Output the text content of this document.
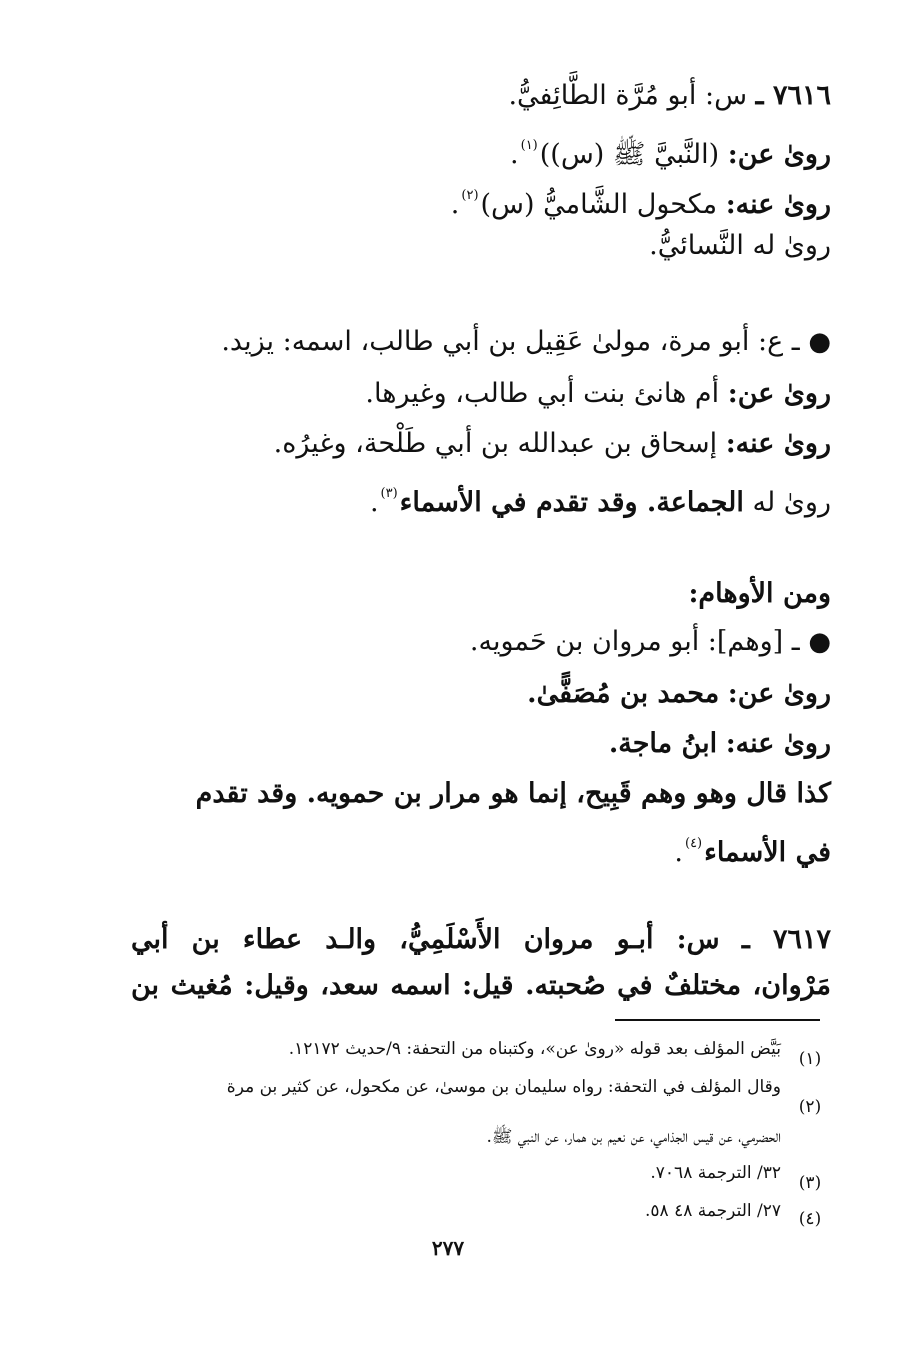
٧٦١٦ ـ س: أبو مُرَّة الطَّائِفيُّ.
روىٰ عن: (النَّبيَّ ﷺ (س))$^{(١)}$.
روىٰ عنه: مكحول الشَّاميُّ (س)$^{(٢)}$.
روىٰ له النَّسائيُّ.
● ـ ع: أبو مرة، مولىٰ عَقِيل بن أبي طالب، اسمه: يزيد.
روىٰ عن: أم هانئ بنت أبي طالب، وغيرها.
روىٰ عنه: إسحاق بن عبدالله بن أبي طَلْحة، وغيرُه.
روىٰ له الجماعة. وقد تقدم في الأسماء$^{(٣)}$.
ومن الأوهام:
● ـ [وهم]: أبو مروان بن حَمويه.
روىٰ عن: محمد بن مُصَفًّىٰ.
روىٰ عنه: ابنُ ماجة.
كذا قال وهو وهم قَبِيح، إنما هو مرار بن حمويه. وقد تقدم
في الأسماء$^{(٤)}$.
٧٦١٧ ـ س: أبـو مروان الأَسْلَمِيُّ، والـد عطاء بن أبي
مَرْوان، مختلفٌ في صُحبته. قيل: اسمه سعد، وقيل: مُغيث بن
(١)
بَيَّض المؤلف بعد قوله «روىٰ عن»، وكتبناه من التحفة: ٩/حديث ١٢١٧٢.
(٢)
وقال المؤلف في التحفة: رواه سليمان بن موسىٰ، عن مكحول، عن كثير بن مرة
الحضرمي، عن قيس الجذامي، عن نعيم بن همار، عن النبي ﷺ.
(٣)
٣٢/ الترجمة ٧٠٦٨.
(٤)
٢٧/ الترجمة ٤٨ ٥٨.
٢٧٧
